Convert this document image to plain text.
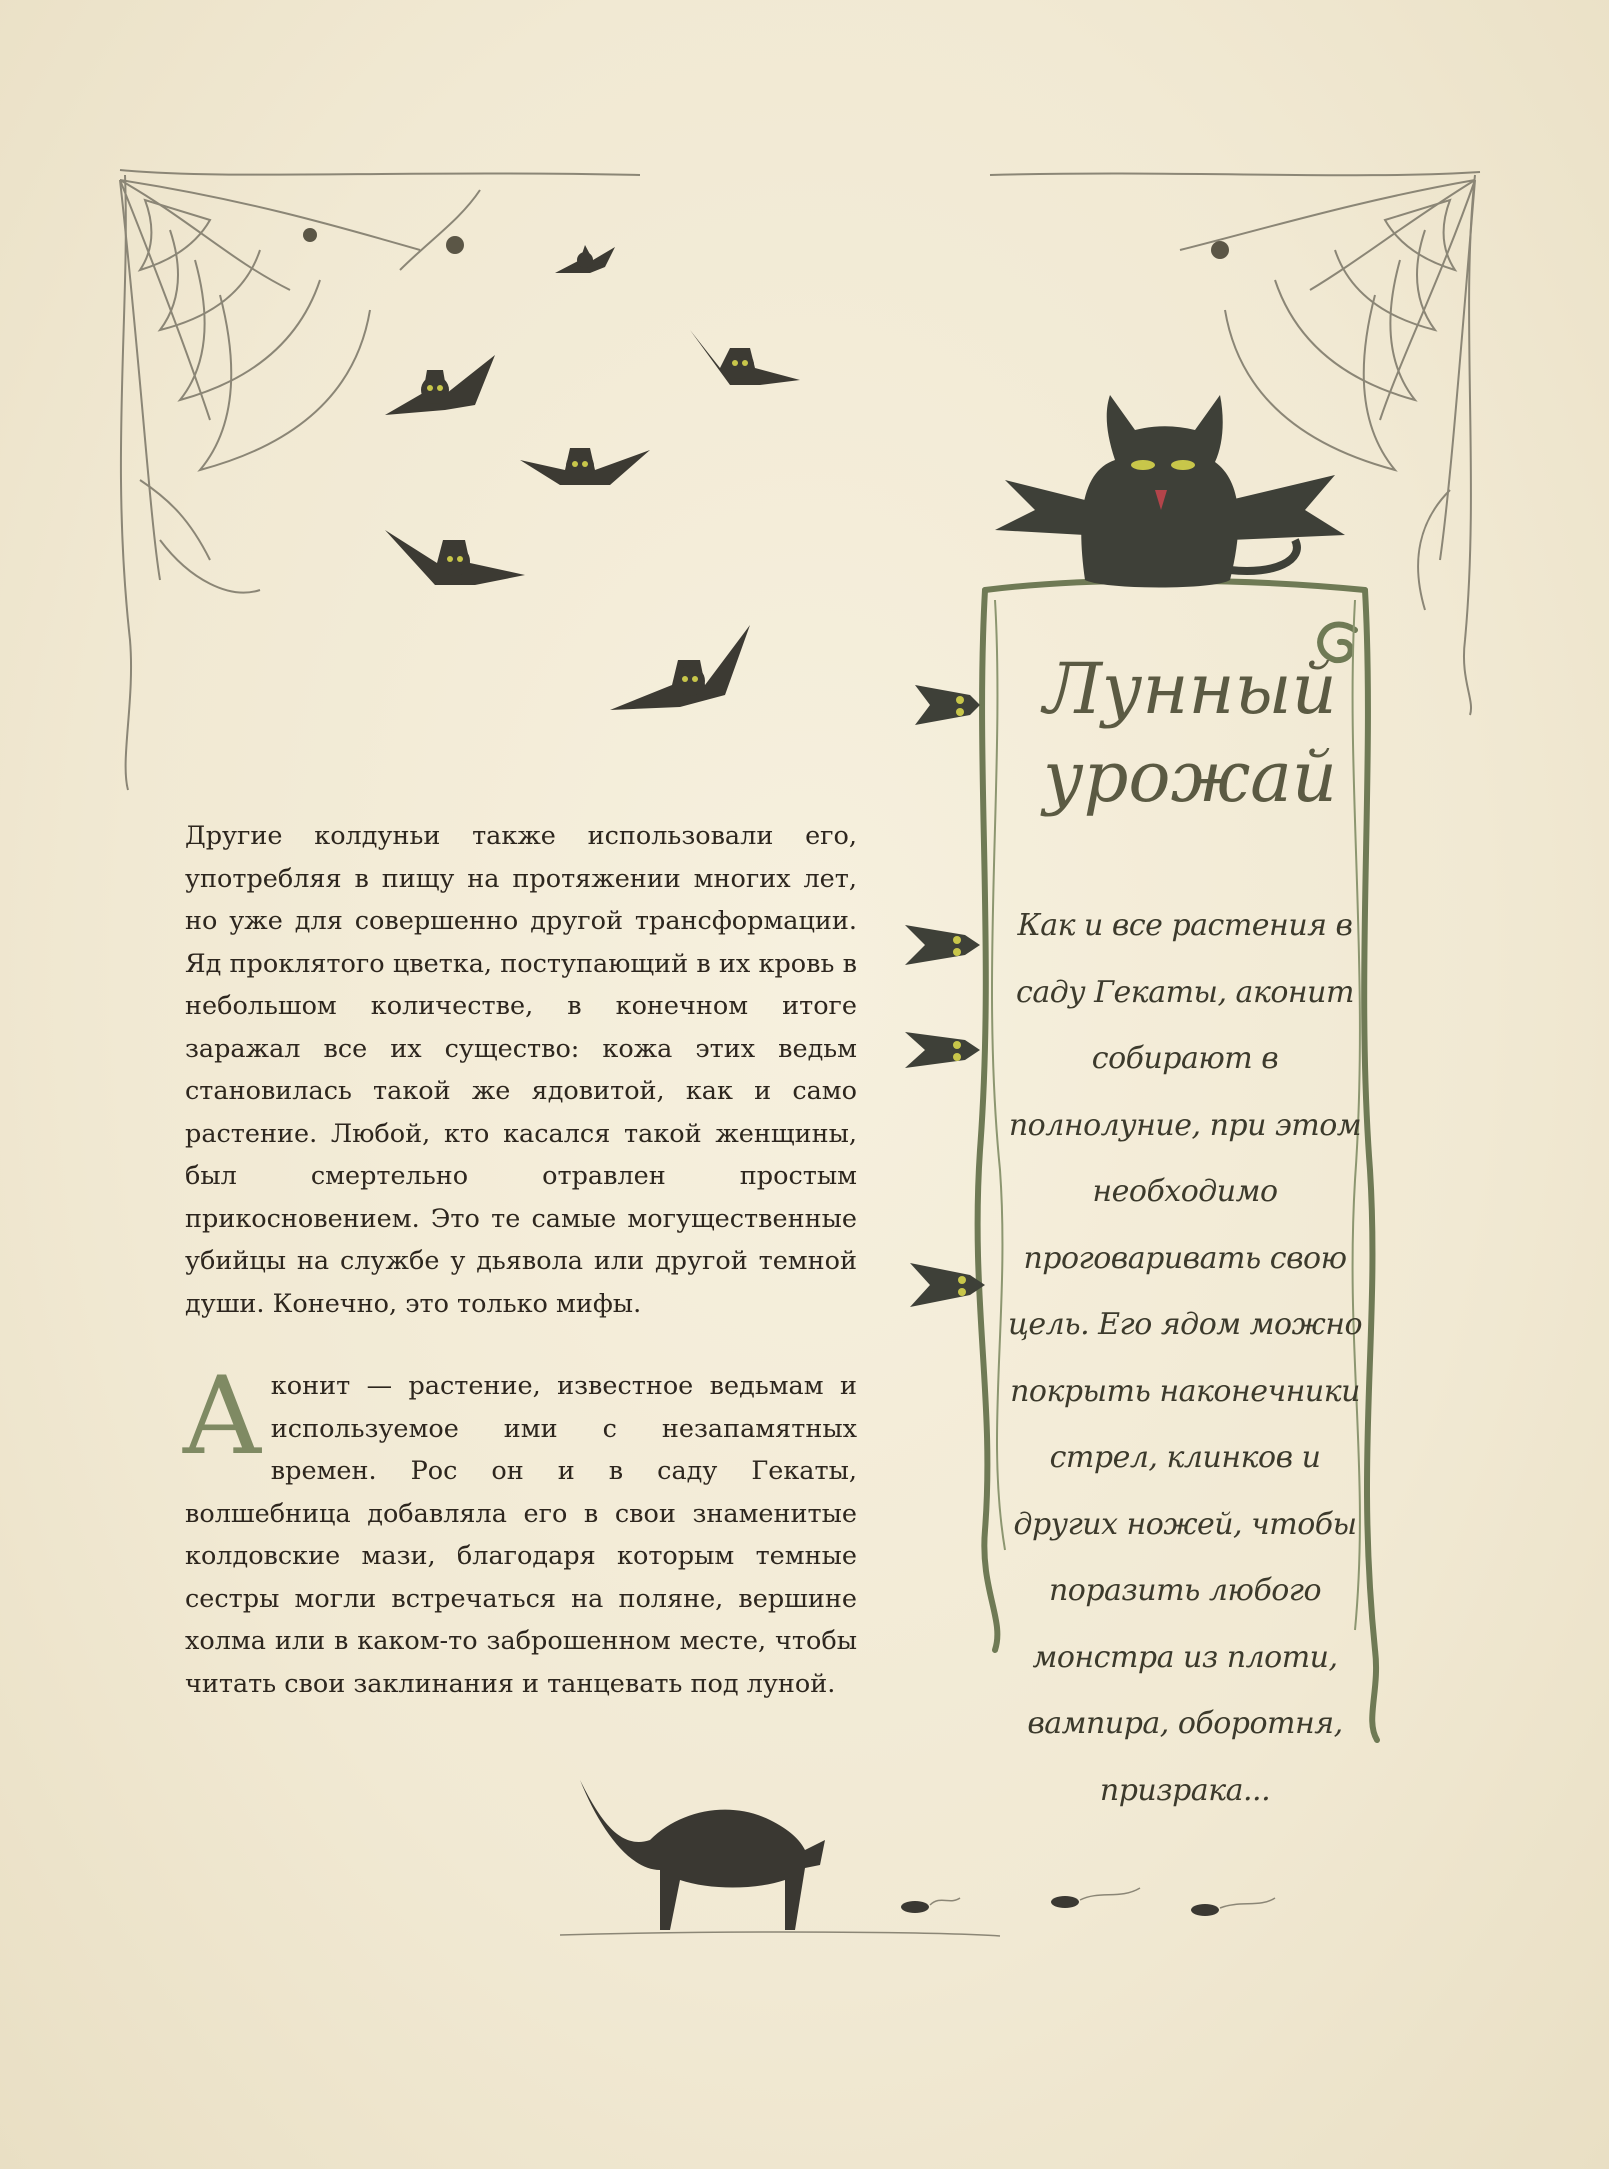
Другие колдуньи также использовали его, употребляя в пищу на протяжении многих лет, но уже для совершенно другой трансформации. Яд проклятого цветка, поступающий в их кровь в небольшом количестве, в конечном итоге заражал все их существо: кожа этих ведьм становилась такой же ядовитой, как и само растение. Любой, кто касался такой женщины, был смертельно отравлен простым прикосновением. Это те самые могущественные убийцы на службе у дьявола или другой темной души. Конечно, это только мифы.

Аконит — растение, известное ведьмам и используемое ими с незапамятных времен. Рос он и в саду Гекаты, волшебница добавляла его в свои знаменитые колдовские мази, благодаря которым темные сестры могли встречаться на поляне, вершине холма или в каком-то заброшенном месте, чтобы читать свои заклинания и танцевать под луной.

Лунный
урожай
Как и все растения в саду Гекаты, аконит собирают в полнолуние, при этом необходимо проговаривать свою цель. Его ядом можно покрыть наконечники стрел, клинков и других ножей, чтобы поразить любого монстра из плоти, вампира, оборотня, призрака...
